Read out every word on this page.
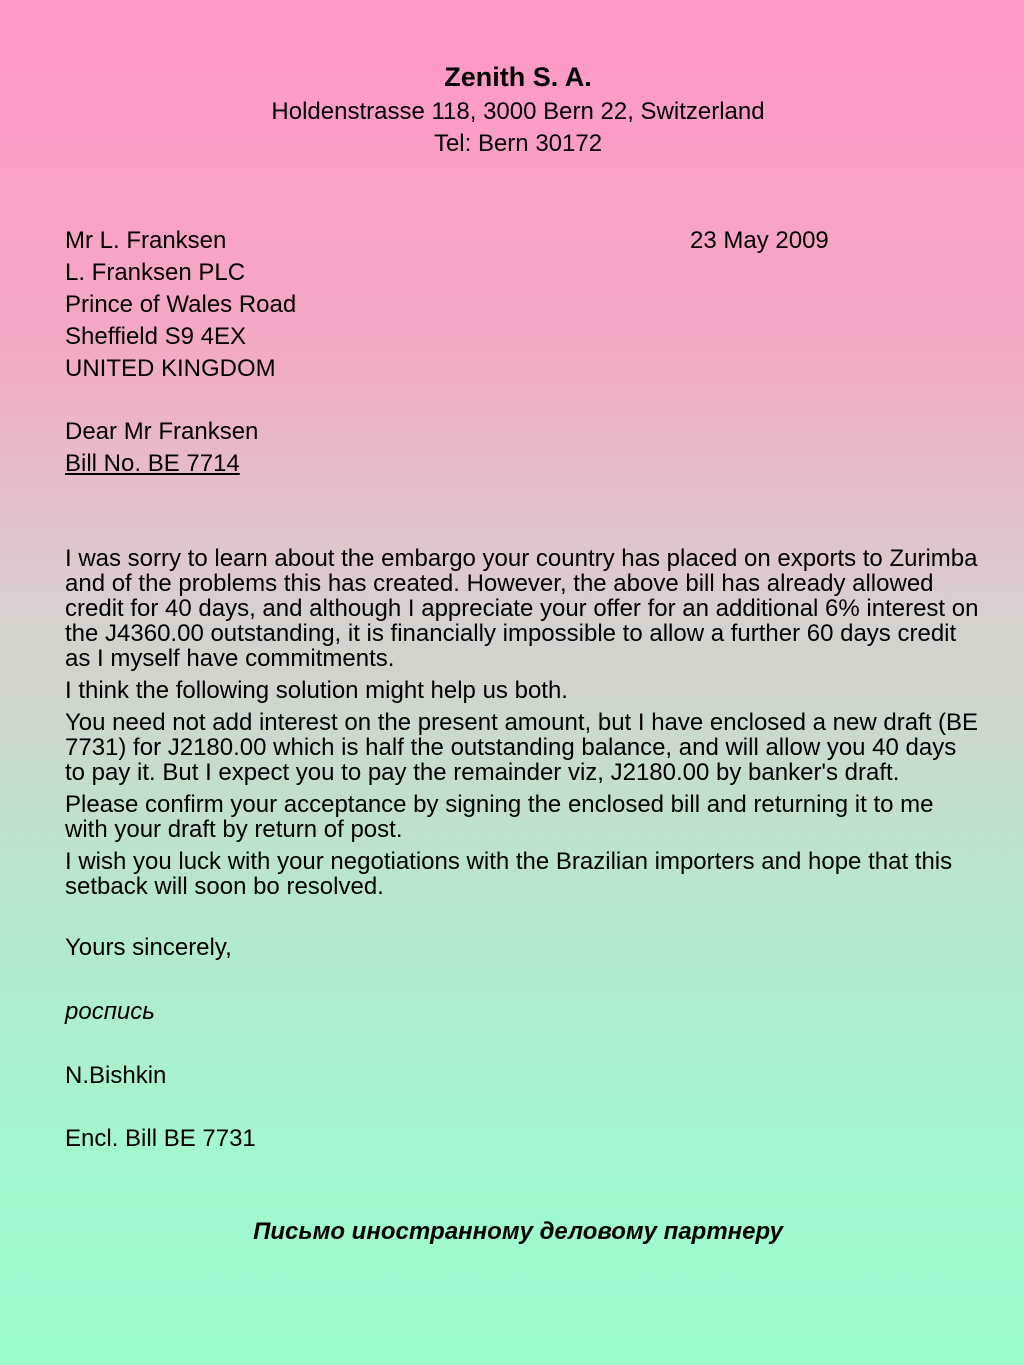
Zenith S. A.
Holdenstrasse 118, 3000 Bern 22, Switzerland
Tel: Bern 30172
Mr L. Franksen
L. Franksen PLC
Prince of Wales Road
Sheffield S9 4EX
UNITED KINGDOM
23 May 2009
Dear Mr Franksen
Bill No. BE 7714

I was sorry to learn about the embargo your country has placed on exports to Zurimba and of the problems this has created. However, the above bill has already allowed credit for 40 days, and although I appreciate your offer for an additional 6% interest on the J4360.00 outstanding, it is financially impossible to allow a further 60 days credit as I myself have commitments.

I think the following solution might help us both.

You need not add interest on the present amount, but I have enclosed a new draft (BE 7731) for J2180.00 which is half the outstanding balance, and will allow you 40 days to pay it. But I expect you to pay the remainder viz, J2180.00 by banker's draft.

Please confirm your acceptance by signing the enclosed bill and returning it to me with your draft by return of post.

I wish you luck with your negotiations with the Brazilian importers and hope that this setback will soon bo resolved.

Yours sincerely,
роспись
N.Bishkin
Encl. Bill BE 7731
Письмо иностранному деловому партнеру
